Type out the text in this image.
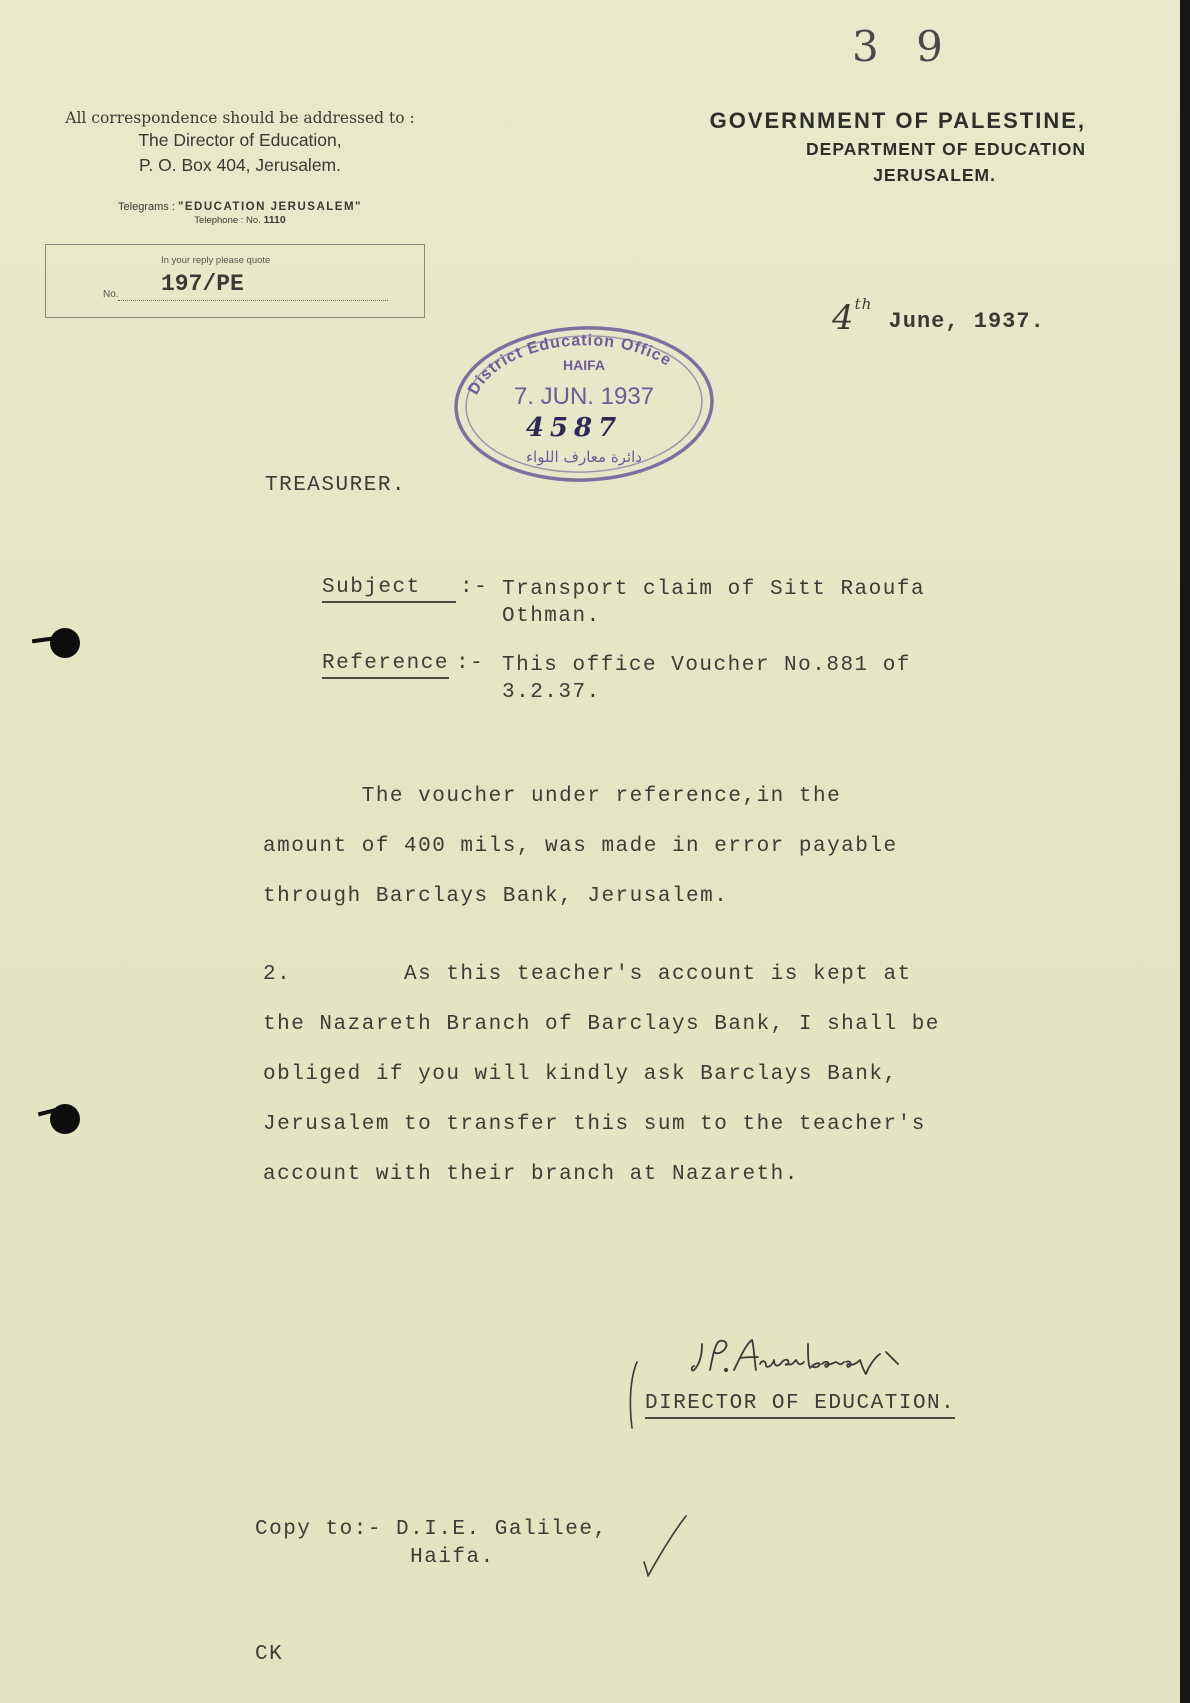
3 9
All correspondence should be addressed to :
The Director of Education,
P. O. Box 404, Jerusalem.
Telegrams : "EDUCATION JERUSALEM"
Telephone : No. 1110
In your reply please quote
No. 197/PE
GOVERNMENT OF PALESTINE,
DEPARTMENT OF EDUCATION
JERUSALEM.
4th June, 1937.
District Education Office
HAIFA
7. JUN. 1937
4587
دائرة معارف اللواء
TREASURER.
Subject :- Transport claim of Sitt Raoufa
Othman.
Reference :- This office Voucher No.881 of
3.2.37.
The voucher under reference,in the
amount of 400 mils, was made in error payable
through Barclays Bank, Jerusalem.
2.        As this teacher's account is kept at
the Nazareth Branch of Barclays Bank, I shall be
obliged if you will kindly ask Barclays Bank,
Jerusalem to transfer this sum to the teacher's
account with their branch at Nazareth.
DIRECTOR OF EDUCATION.
Copy to:- D.I.E. Galilee,
Haifa.
CK
